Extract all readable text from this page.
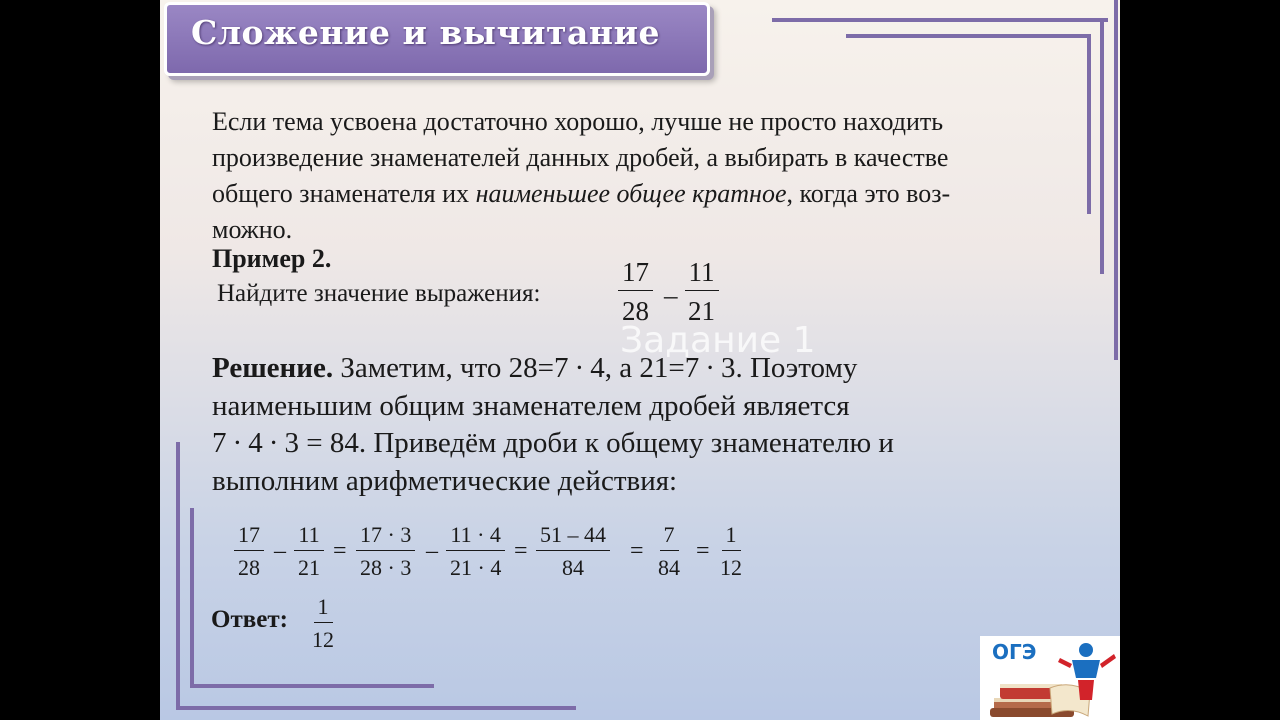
Сложение и вычитание
Если тема усвоена достаточно хорошо, лучше не просто находить
произведение знаменателей данных дробей, а выбирать в качестве
общего знаменателя их наименьшее общее кратное, когда это воз-
можно.
Пример 2.
Найдите значение выражения:	$\frac{17}{28} - \frac{11}{21}$
Задание 1
Решение. Заметим, что 28=7 ∙ 4, а 21=7 ∙ 3. Поэтому
наименьшим общим знаменателем дробей является
7 ∙ 4 ∙ 3 = 84. Приведём дроби к общему знаменателю и
выполним арифметические действия:
$\frac{17}{28} - \frac{11}{21} = \frac{17 \cdot 3}{28 \cdot 3} - \frac{11 \cdot 4}{21 \cdot 4} = \frac{51 - 44}{84} = \frac{7}{84} = \frac{1}{12}$
Ответ: $\frac{1}{12}$	ОГЭ
